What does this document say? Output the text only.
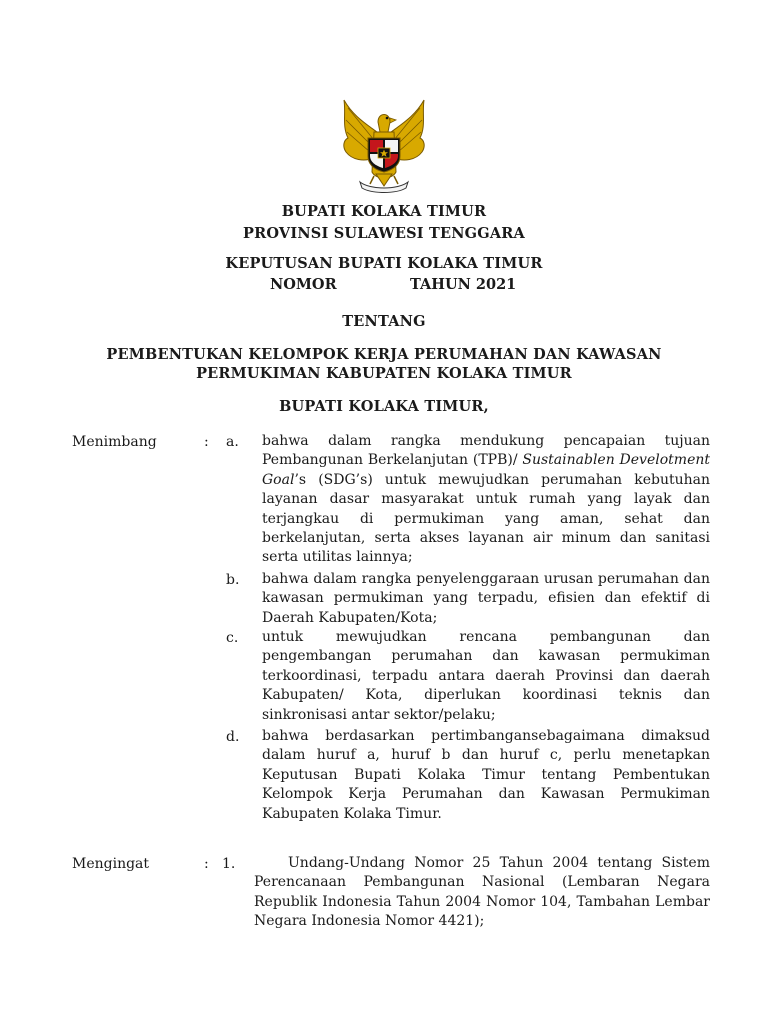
BUPATI KOLAKA TIMUR
PROVINSI SULAWESI TENGGARA
KEPUTUSAN BUPATI KOLAKA TIMUR
NOMOR	TAHUN 2021
TENTANG
PEMBENTUKAN KELOMPOK KERJA PERUMAHAN DAN KAWASAN
PERMUKIMAN KABUPATEN KOLAKA TIMUR
BUPATI KOLAKA TIMUR,
Menimbang	: a. bahwa dalam rangka mendukung pencapaian tujuan Pembangunan Berkelanjutan (TPB)/ Sustainablen Develotment Goal’s (SDG’s) untuk mewujudkan perumahan kebutuhan layanan dasar masyarakat untuk rumah yang layak dan terjangkau di permukiman yang aman, sehat dan berkelanjutan, serta akses layanan air minum dan sanitasi serta utilitas lainnya;
b. bahwa dalam rangka penyelenggaraan urusan perumahan dan kawasan permukiman yang terpadu, efisien dan efektif di Daerah Kabupaten/Kota;
c. untuk mewujudkan rencana pembangunan dan pengembangan perumahan dan kawasan permukiman terkoordinasi, terpadu antara daerah Provinsi dan daerah Kabupaten/ Kota, diperlukan koordinasi teknis dan sinkronisasi antar sektor/pelaku;
d. bahwa berdasarkan pertimbangansebagaimana dimaksud dalam huruf a, huruf b dan huruf c, perlu menetapkan Keputusan Bupati Kolaka Timur tentang Pembentukan Kelompok Kerja Perumahan dan Kawasan Permukiman Kabupaten Kolaka Timur.
Mengingat	: 1.	Undang-Undang Nomor 25 Tahun 2004 tentang Sistem Perencanaan Pembangunan Nasional (Lembaran Negara Republik Indonesia Tahun 2004 Nomor 104, Tambahan Lembar Negara Indonesia Nomor 4421);
